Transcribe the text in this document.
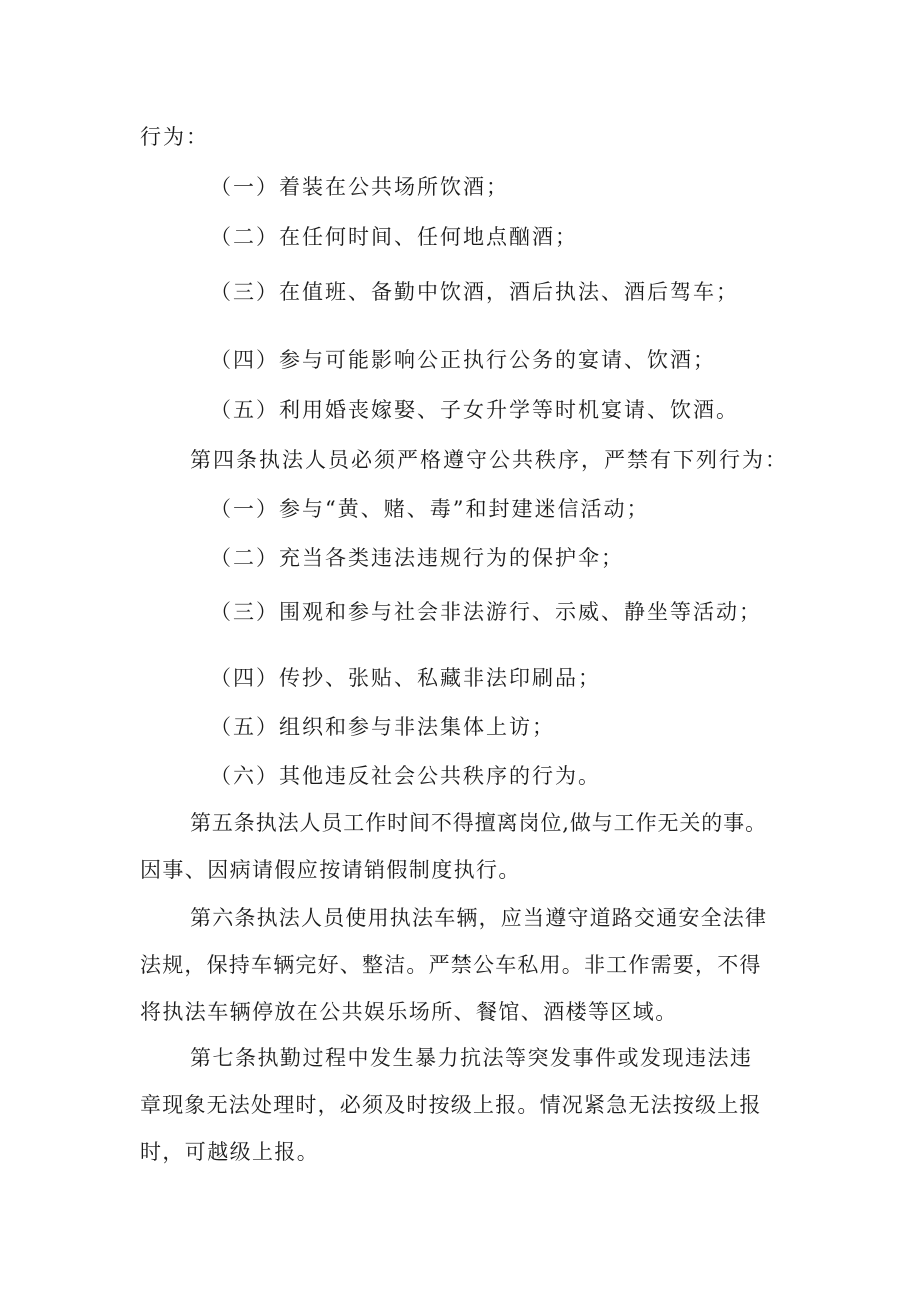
行为：
（一）着装在公共场所饮酒；
（二）在任何时间、任何地点酗酒；
（三）在值班、备勤中饮酒，酒后执法、酒后驾车；
（四）参与可能影响公正执行公务的宴请、饮酒；
（五）利用婚丧嫁娶、子女升学等时机宴请、饮酒。
第四条执法人员必须严格遵守公共秩序，严禁有下列行为：
（一）参与“黄、赌、毒”和封建迷信活动；
（二）充当各类违法违规行为的保护伞；
（三）围观和参与社会非法游行、示威、静坐等活动；
（四）传抄、张贴、私藏非法印刷品；
（五）组织和参与非法集体上访；
（六）其他违反社会公共秩序的行为。
第五条执法人员工作时间不得擅离岗位,做与工作无关的事。
因事、因病请假应按请销假制度执行。
第六条执法人员使用执法车辆，应当遵守道路交通安全法律
法规，保持车辆完好、整洁。严禁公车私用。非工作需要，不得
将执法车辆停放在公共娱乐场所、餐馆、酒楼等区域。
第七条执勤过程中发生暴力抗法等突发事件或发现违法违
章现象无法处理时，必须及时按级上报。情况紧急无法按级上报
时，可越级上报。
